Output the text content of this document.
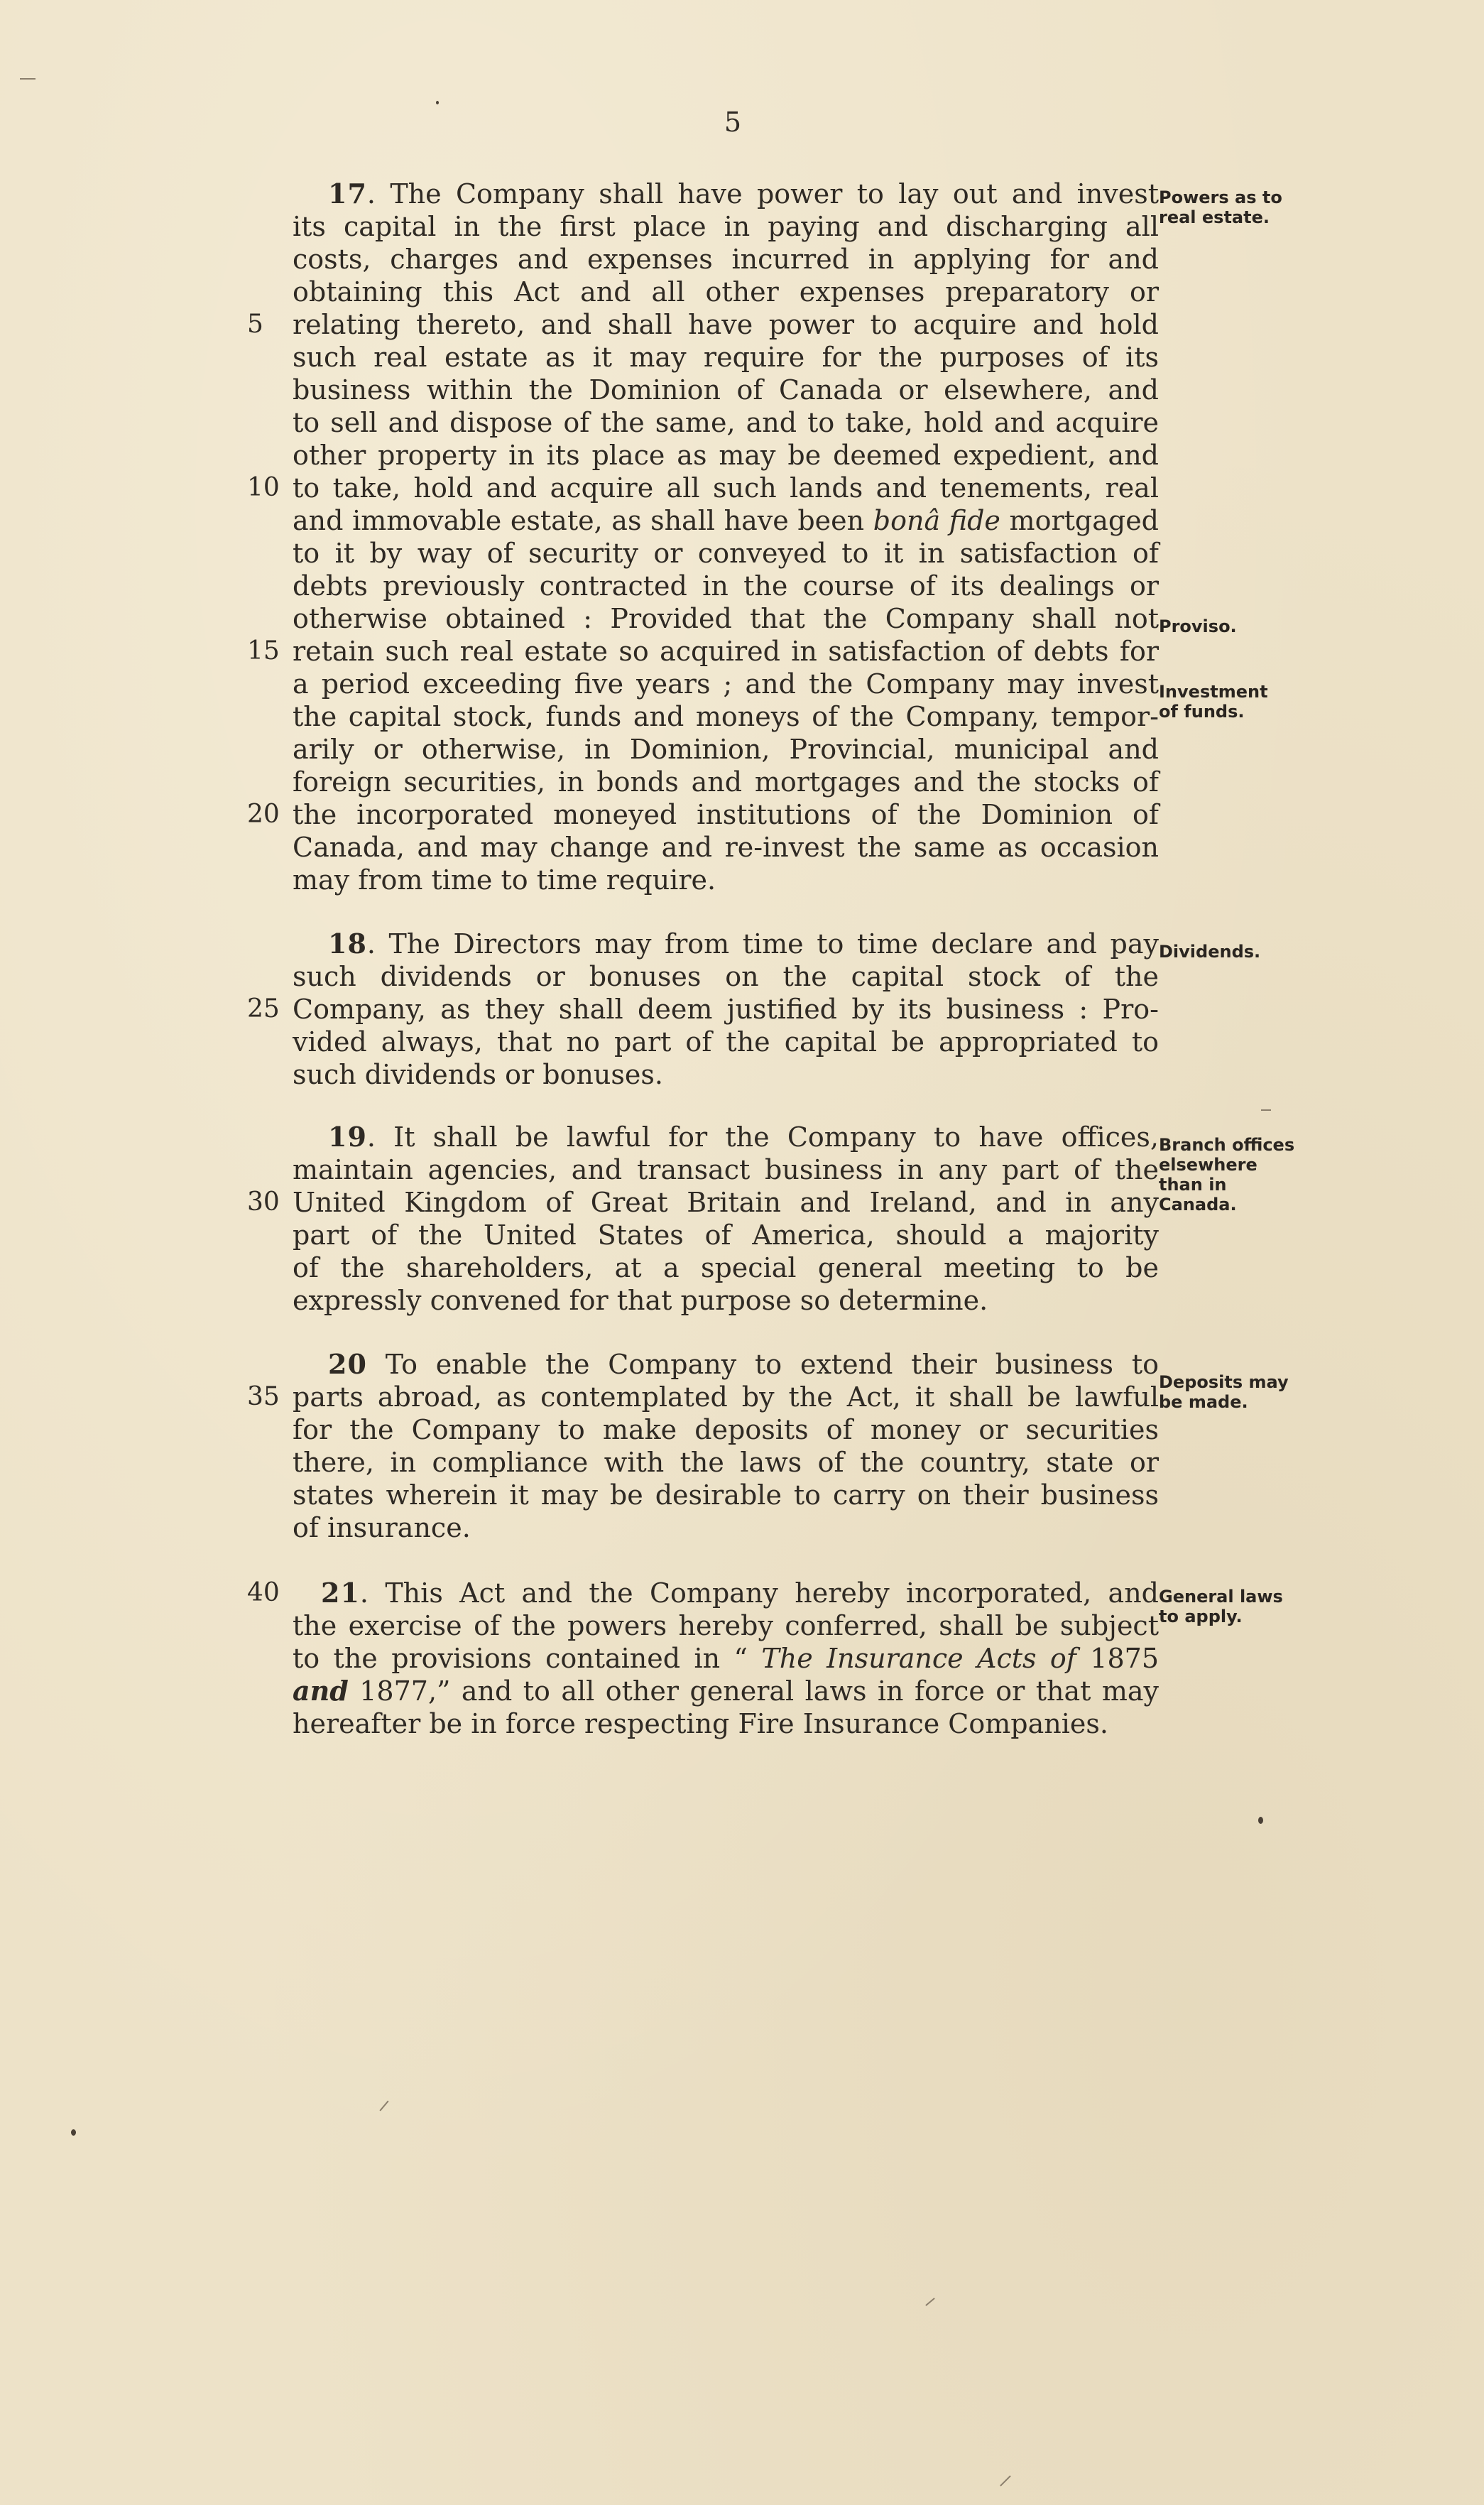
5
17. The Company shall have power to lay out and invest
its capital in the first place in paying and discharging all
costs, charges and expenses incurred in applying for and
obtaining this Act and all other expenses preparatory or
5	relating thereto, and shall have power to acquire and hold
such real estate as it may require for the purposes of its
business within the Dominion of Canada or elsewhere, and
to sell and dispose of the same, and to take, hold and acquire
other property in its place as may be deemed expedient, and
10 to take, hold and acquire all such lands and tenements, real
and immovable estate, as shall have been bonâ fide mortgaged
to it by way of security or conveyed to it in satisfaction of
debts previously contracted in the course of its dealings or
otherwise obtained : Provided that the Company shall not
15 retain such real estate so acquired in satisfaction of debts for
a period exceeding five years ; and the Company may invest
the capital stock, funds and moneys of the Company, tempor-
arily or otherwise, in Dominion, Provincial, municipal and
foreign securities, in bonds and mortgages and the stocks of
20 the incorporated moneyed institutions of the Dominion of
Canada, and may change and re-invest the same as occasion
may from time to time require.
18. The Directors may from time to time declare and pay
such dividends or bonuses on the capital stock of the
25 Company, as they shall deem justified by its business : Pro-
vided always, that no part of the capital be appropriated to
such dividends or bonuses.
19. It shall be lawful for the Company to have offices,
maintain agencies, and transact business in any part of the
30 United Kingdom of Great Britain and Ireland, and in any
part of the United States of America, should a majority
of the shareholders, at a special general meeting to be
expressly convened for that purpose so determine.
20 To enable the Company to extend their business to
35 parts abroad, as contemplated by the Act, it shall be lawful
for the Company to make deposits of money or securities
there, in compliance with the laws of the country, state or
states wherein it may be desirable to carry on their business
of insurance.
40	21. This Act and the Company hereby incorporated, and
the exercise of the powers hereby conferred, shall be subject
to the provisions contained in “ The Insurance Acts of 1875
and 1877,” and to all other general laws in force or that may
hereafter be in force respecting Fire Insurance Companies.
Powers as to
real estate.
Proviso.
Investment
of funds.
Dividends.
Branch offices
elsewhere
than in
Canada.
Deposits may
be made.
General laws
to apply.
